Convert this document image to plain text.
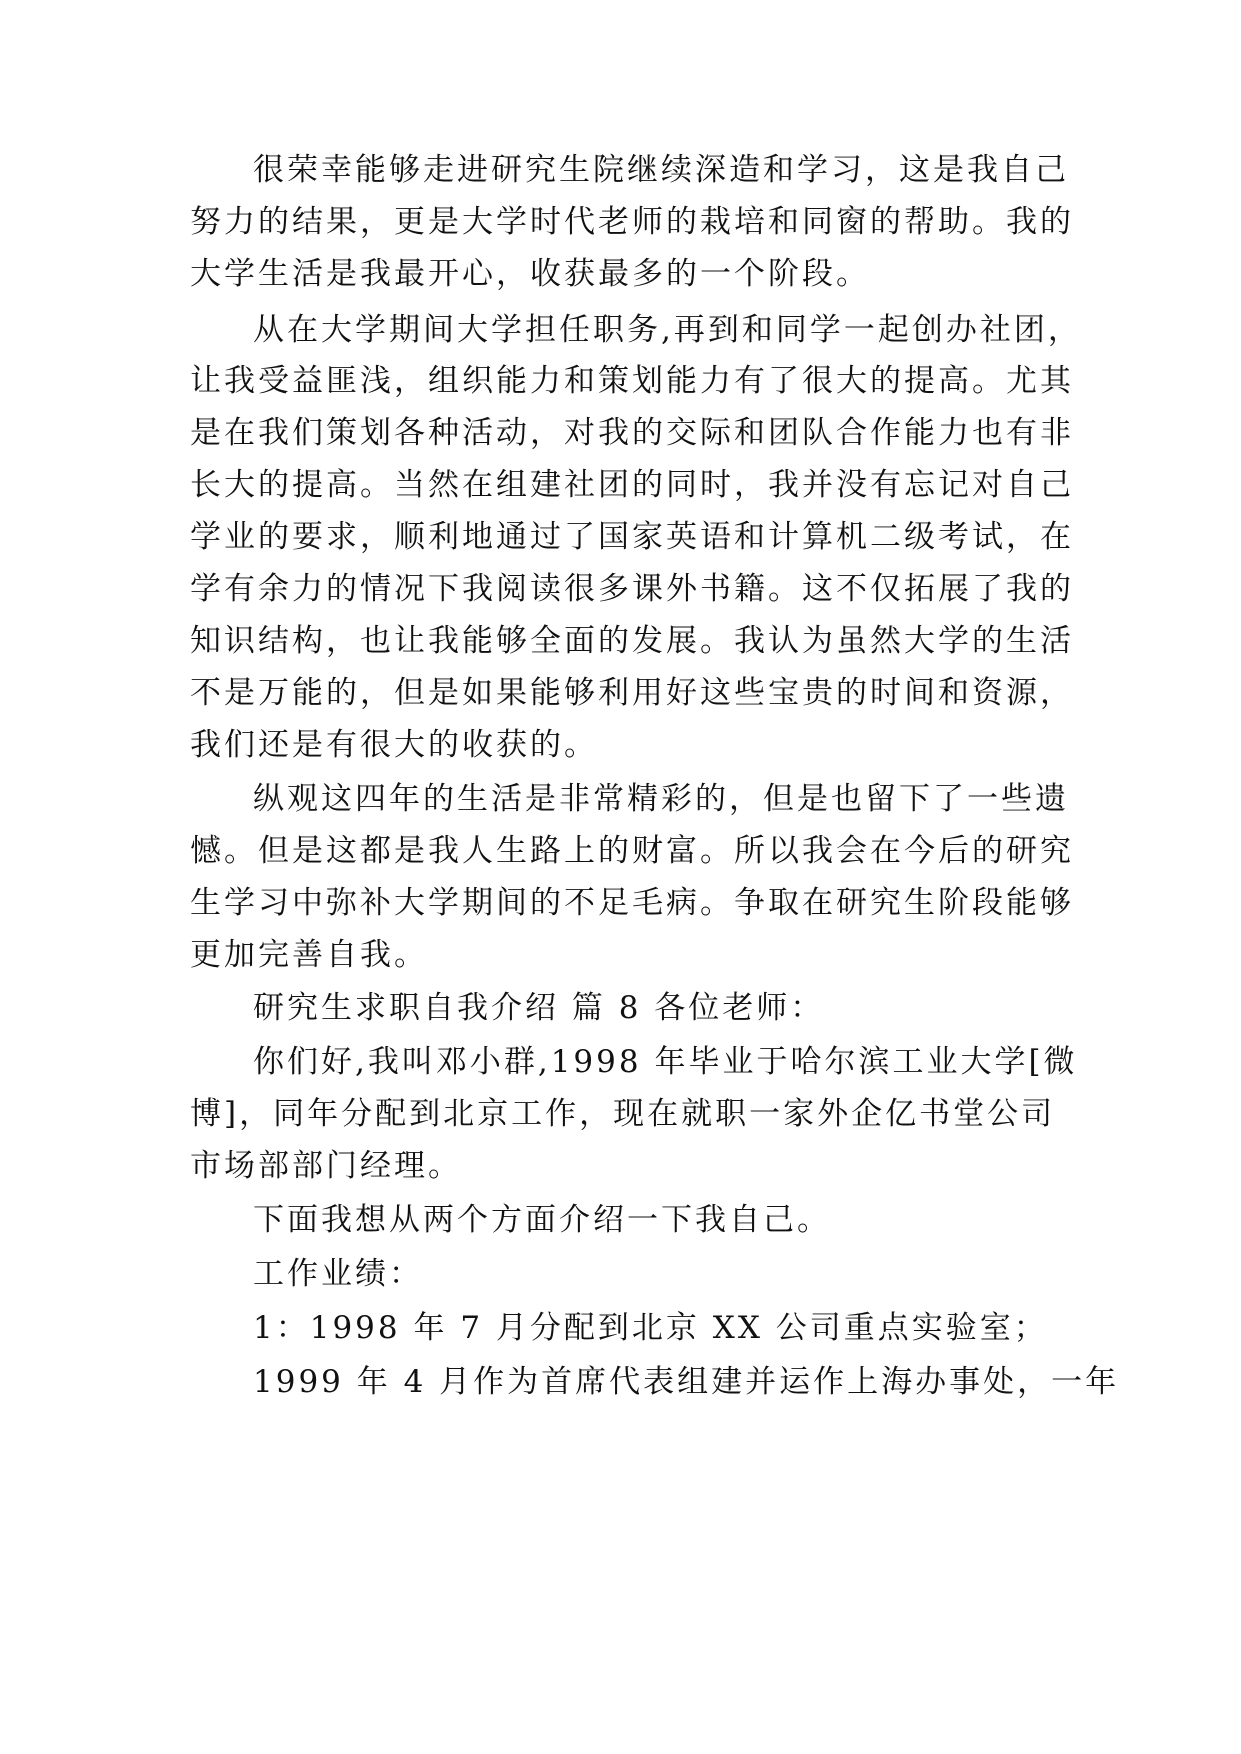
很荣幸能够走进研究生院继续深造和学习，这是我自己
努力的结果，更是大学时代老师的栽培和同窗的帮助。我的
大学生活是我最开心，收获最多的一个阶段。
从在大学期间大学担任职务,再到和同学一起创办社团，
让我受益匪浅，组织能力和策划能力有了很大的提高。尤其
是在我们策划各种活动，对我的交际和团队合作能力也有非
长大的提高。当然在组建社团的同时，我并没有忘记对自己
学业的要求，顺利地通过了国家英语和计算机二级考试，在
学有余力的情况下我阅读很多课外书籍。这不仅拓展了我的
知识结构，也让我能够全面的发展。我认为虽然大学的生活
不是万能的，但是如果能够利用好这些宝贵的时间和资源，
我们还是有很大的收获的。
纵观这四年的生活是非常精彩的，但是也留下了一些遗
憾。但是这都是我人生路上的财富。所以我会在今后的研究
生学习中弥补大学期间的不足毛病。争取在研究生阶段能够
更加完善自我。
研究生求职自我介绍 篇 8 各位老师：
你们好,我叫邓小群,1998 年毕业于哈尔滨工业大学[微
博]，同年分配到北京工作，现在就职一家外企亿书堂公司
市场部部门经理。
下面我想从两个方面介绍一下我自己。
工作业绩：
1：1998 年 7 月分配到北京 XX 公司重点实验室；
1999 年 4 月作为首席代表组建并运作上海办事处，一年
